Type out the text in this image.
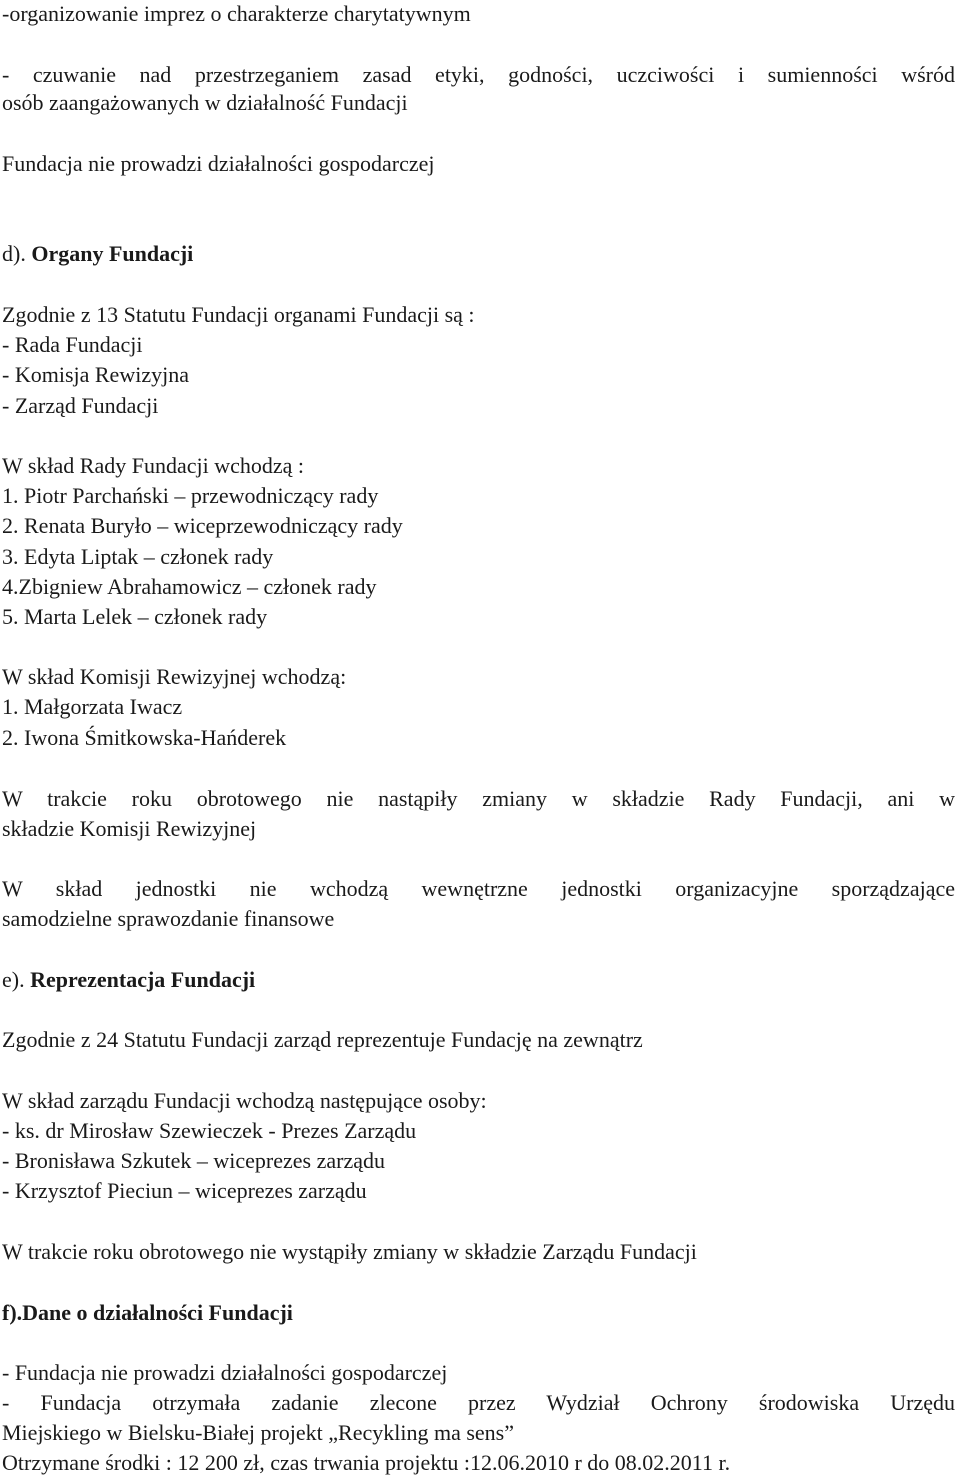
-organizowanie imprez o charakterze charytatywnym
- czuwanie nad przestrzeganiem zasad etyki, godności, uczciwości i sumienności wśród
osób zaangażowanych w działalność Fundacji
Fundacja nie prowadzi działalności gospodarczej
d). Organy Fundacji
Zgodnie z 13 Statutu Fundacji organami Fundacji są :
- Rada Fundacji
- Komisja Rewizyjna
- Zarząd Fundacji
W skład Rady Fundacji wchodzą :
1. Piotr Parchański – przewodniczący rady
2. Renata Buryło – wiceprzewodniczący rady
3. Edyta Liptak – członek rady
4.Zbigniew Abrahamowicz – członek rady
5. Marta Lelek – członek rady
W skład Komisji Rewizyjnej wchodzą:
1. Małgorzata Iwacz
2. Iwona Śmitkowska-Hańderek
W trakcie roku obrotowego nie nastąpiły zmiany w składzie Rady Fundacji, ani w
składzie Komisji Rewizyjnej
W skład jednostki nie wchodzą wewnętrzne jednostki organizacyjne sporządzające
samodzielne sprawozdanie finansowe
e). Reprezentacja Fundacji
Zgodnie z 24 Statutu Fundacji zarząd reprezentuje Fundację na zewnątrz
W skład zarządu Fundacji wchodzą następujące osoby:
- ks. dr Mirosław Szewieczek - Prezes Zarządu
- Bronisława Szkutek – wiceprezes zarządu
- Krzysztof Pieciun – wiceprezes zarządu
W trakcie roku obrotowego nie wystąpiły zmiany w składzie Zarządu Fundacji
f).Dane o działalności Fundacji
- Fundacja nie prowadzi działalności gospodarczej
- Fundacja otrzymała zadanie zlecone przez Wydział Ochrony środowiska Urzędu
Miejskiego w Bielsku-Białej projekt „Recykling ma sens”
Otrzymane środki : 12 200 zł, czas trwania projektu :12.06.2010 r do 08.02.2011 r.
